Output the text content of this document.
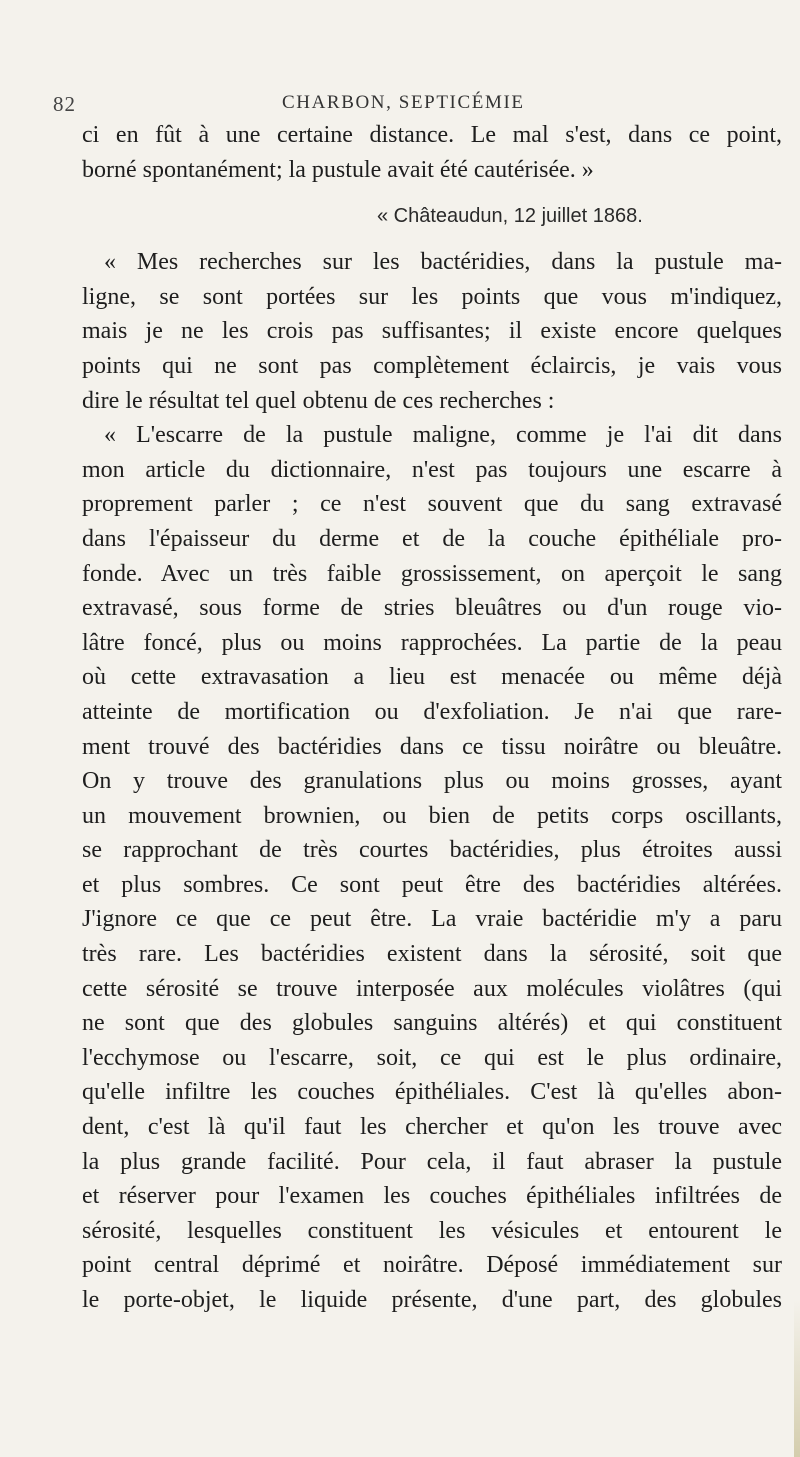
82	CHARBON, SEPTICÉMIE
ci en fût à une certaine distance. Le mal s'est, dans ce point,
borné spontanément; la pustule avait été cautérisée. »
« Châteaudun, 12 juillet 1868.
« Mes recherches sur les bactéridies, dans la pustule ma-
ligne, se sont portées sur les points que vous m'indiquez,
mais je ne les crois pas suffisantes; il existe encore quelques
points qui ne sont pas complètement éclaircis, je vais vous
dire le résultat tel quel obtenu de ces recherches :
« L'escarre de la pustule maligne, comme je l'ai dit dans
mon article du dictionnaire, n'est pas toujours une escarre à
proprement parler ; ce n'est souvent que du sang extravasé
dans l'épaisseur du derme et de la couche épithéliale pro-
fonde. Avec un très faible grossissement, on aperçoit le sang
extravasé, sous forme de stries bleuâtres ou d'un rouge vio-
lâtre foncé, plus ou moins rapprochées. La partie de la peau
où cette extravasation a lieu est menacée ou même déjà
atteinte de mortification ou d'exfoliation. Je n'ai que rare-
ment trouvé des bactéridies dans ce tissu noirâtre ou bleuâtre.
On y trouve des granulations plus ou moins grosses, ayant
un mouvement brownien, ou bien de petits corps oscillants,
se rapprochant de très courtes bactéridies, plus étroites aussi
et plus sombres. Ce sont peut être des bactéridies altérées.
J'ignore ce que ce peut être. La vraie bactéridie m'y a paru
très rare. Les bactéridies existent dans la sérosité, soit que
cette sérosité se trouve interposée aux molécules violâtres (qui
ne sont que des globules sanguins altérés) et qui constituent
l'ecchymose ou l'escarre, soit, ce qui est le plus ordinaire,
qu'elle infiltre les couches épithéliales. C'est là qu'elles abon-
dent, c'est là qu'il faut les chercher et qu'on les trouve avec
la plus grande facilité. Pour cela, il faut abraser la pustule
et réserver pour l'examen les couches épithéliales infiltrées de
sérosité, lesquelles constituent les vésicules et entourent le
point central déprimé et noirâtre. Déposé immédiatement sur
le porte-objet, le liquide présente, d'une part, des globules
